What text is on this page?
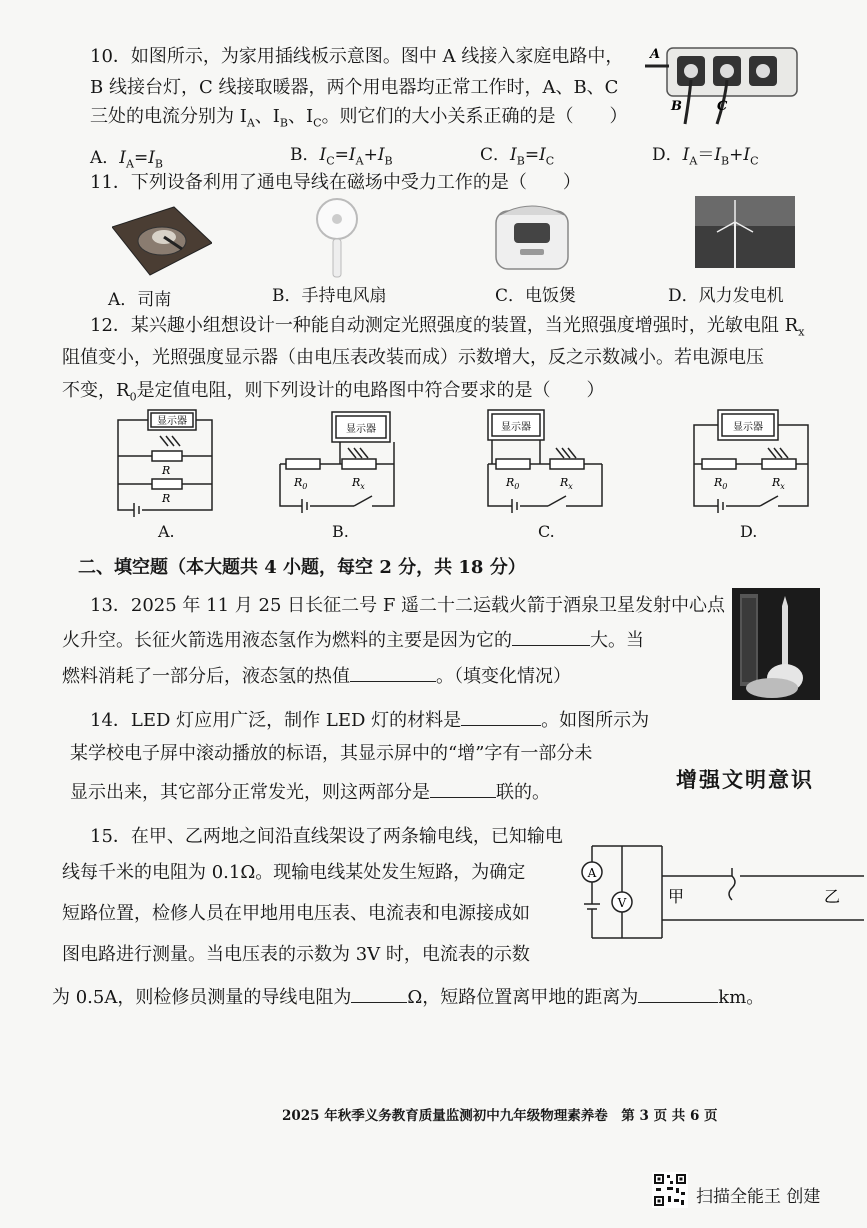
10．如图所示，为家用插线板示意图。图中 A 线接入家庭电路中，
B 线接台灯，C 线接取暖器，两个用电器均正常工作时，A、B、C
三处的电流分别为 $I_A$、$I_B$、$I_C$。则它们的大小关系正确的是（　　）
A．$I_A=I_B$	B．$I_C=I_A+I_B$	C．$I_B=I_C$	D．$I_A=I_B+I_C$
A
B	C
11．下列设备利用了通电导线在磁场中受力工作的是（　　）
A．司南	B．手持电风扇	C．电饭煲	D．风力发电机
12．某兴趣小组想设计一种能自动测定光照强度的装置，当光照强度增强时，光敏电阻 $R_x$
阻值变小，光照强度显示器（由电压表改装而成）示数增大，反之示数减小。若电源电压
不变，$R_0$是定值电阻，则下列设计的电路图中符合要求的是（　　）
显示器
R
R
A.
显示器
$R_0$	$R_x$
B.
显示器
$R_0$	$R_x$
C.
显示器
$R_0$	$R_x$
D.
二、填空题（本大题共 4 小题，每空 2 分，共 18 分）
13．2025 年 11 月 25 日长征二号 F 遥二十二运载火箭于酒泉卫星发射中心点
火升空。长征火箭选用液态氢作为燃料的主要是因为它的	大。当
燃料消耗了一部分后，液态氢的热值	。（填变化情况）
14．LED 灯应用广泛，制作 LED 灯的材料是	。如图所示为
某学校电子屏中滚动播放的标语，其显示屏中的“增”字有一部分未
显示出来，其它部分正常发光，则这两部分是	联的。
增强文明意识
15．在甲、乙两地之间沿直线架设了两条输电线，已知输电
线每千米的电阻为 0.1Ω。现输电线某处发生短路，为确定
短路位置，检修人员在甲地用电压表、电流表和电源接成如
图电路进行测量。当电压表的示数为 3V 时，电流表的示数
为 0.5A，则检修员测量的导线电阻为	Ω，短路位置离甲地的距离为	km。
A
V	甲	乙
2025 年秋季义务教育质量监测初中九年级物理素养卷　第 3 页 共 6 页
扫描全能王 创建
